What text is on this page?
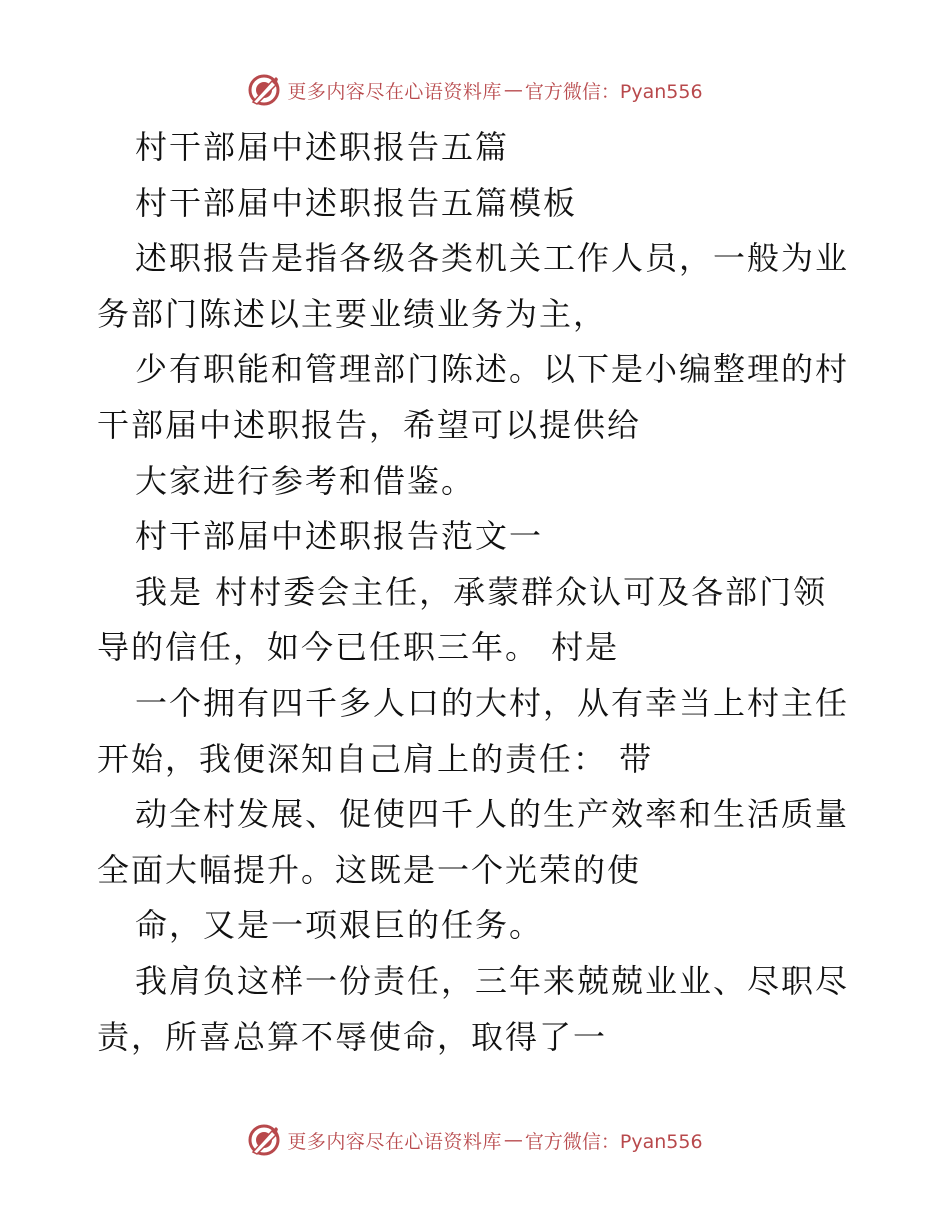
更多内容尽在心语资料库 — 官方微信：Pyan556
村干部届中述职报告五篇
村干部届中述职报告五篇模板
述职报告是指各级各类机关工作人员，一般为业
务部门陈述以主要业绩业务为主，
少有职能和管理部门陈述。以下是小编整理的村
干部届中述职报告，希望可以提供给
大家进行参考和借鉴。
村干部届中述职报告范文一
我是 村村委会主任，承蒙群众认可及各部门领
导的信任，如今已任职三年。 村是
一个拥有四千多人口的大村，从有幸当上村主任
开始，我便深知自己肩上的责任： 带
动全村发展、促使四千人的生产效率和生活质量
全面大幅提升。这既是一个光荣的使
命，又是一项艰巨的任务。
我肩负这样一份责任，三年来兢兢业业、尽职尽
责，所喜总算不辱使命，取得了一
更多内容尽在心语资料库 — 官方微信：Pyan556
